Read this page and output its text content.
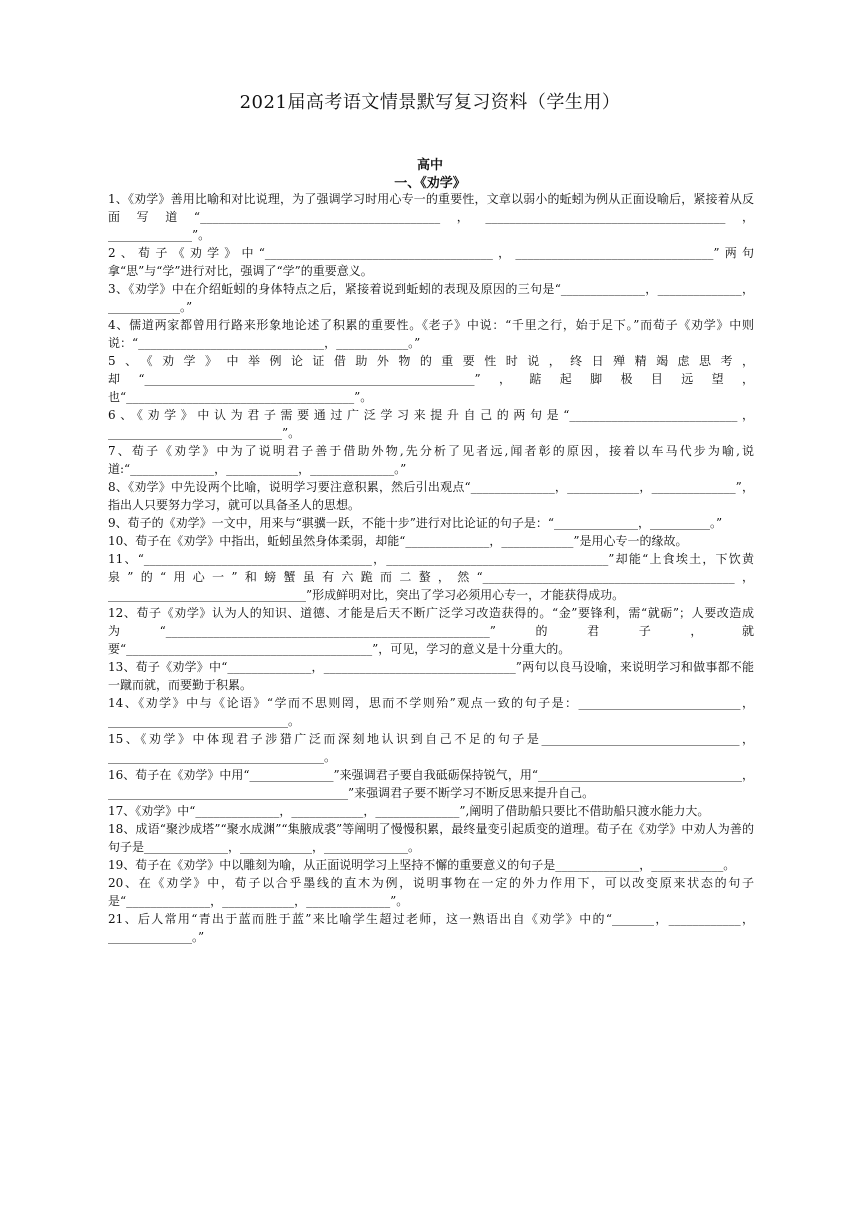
2021届高考语文情景默写复习资料（学生用）
高中
一、《劝学》

1、《劝学》善用比喻和对比说理，为了强调学习时用心专一的重要性，文章以弱小的蚯蚓为例从正面设喻后，紧接着从反面写道“________________________________________，________________________________________，______________”。

2、荀子《劝学》中“______________________________________，_________________________________”两句拿“思”与“学”进行对比，强调了“学”的重要意义。

3、《劝学》中在介绍蚯蚓的身体特点之后，紧接着说到蚯蚓的表现及原因的三句是“______________，______________，____________。”

4、儒道两家都曾用行路来形象地论述了积累的重要性。《老子》中说：“千里之行，始于足下。”而荀子《劝学》中则说：“_______________________________，____________。”

5、《劝学》中举例论证借助外物的重要性时说，终日殚精竭虑思考，却“_______________________________________________________”，踮起脚极目远望，也“______________________________________”。

6、《劝学》中认为君子需要通过广泛学习来提升自己的两句是“____________________________，_____________________________”。

7、荀子《劝学》中为了说明君子善于借助外物,先分析了见者远,闻者彰的原因，接着以车马代步为喻,说道:“______________，____________，______________。”

8、《劝学》中先设两个比喻，说明学习要注意积累，然后引出观点“______________，____________，______________”，指出人只要努力学习，就可以具备圣人的思想。

9、荀子的《劝学》一文中，用来与“骐骥一跃，不能十步”进行对比论证的句子是：“______________，__________。”

10、荀子在《劝学》中指出，蚯蚓虽然身体柔弱，却能“______________，____________”是用心专一的缘故。

11、“______________________________________，_____________________________________”却能“上食埃土，下饮黄泉”的“用心一”和螃蟹虽有六跪而二螯，然“__________________________________________，_________________________________”形成鲜明对比，突出了学习必须用心专一，才能获得成功。

12、荀子《劝学》认为人的知识、道德、才能是后天不断广泛学习改造获得的。“金”要锋利，需“就砺”；人要改造成为“______________________________________________________”的君子，就要“_________________________________________”，可见，学习的意义是十分重大的。

13、荀子《劝学》中“______________，________________________________”两句以良马设喻，来说明学习和做事都不能一蹴而就，而要勤于积累。

14、《劝学》中与《论语》“学而不思则罔，思而不学则殆”观点一致的句子是：___________________________，______________________________。

15、《劝学》中体现君子涉猎广泛而深刻地认识到自己不足的句子是_________________________________，____________________________________。

16、荀子在《劝学》中用“______________”来强调君子要自我砥砺保持锐气，用“__________________________________，________________________________________”来强调君子要不断学习不断反思来提升自己。

17、《劝学》中“______________，____________，______________”,阐明了借助船只要比不借助船只渡水能力大。

18、成语“聚沙成塔”“聚水成渊”“集腋成裘”等阐明了慢慢积累，最终量变引起质变的道理。荀子在《劝学》中劝人为善的句子是______________，____________，______________。

19、荀子在《劝学》中以雕刻为喻，从正面说明学习上坚持不懈的重要意义的句子是______________，____________。

20、在《劝学》中，荀子以合乎墨线的直木为例，说明事物在一定的外力作用下，可以改变原来状态的句子是“______________，____________，______________”。

21、后人常用“青出于蓝而胜于蓝”来比喻学生超过老师，这一熟语出自《劝学》中的“_______，____________，______________。”
